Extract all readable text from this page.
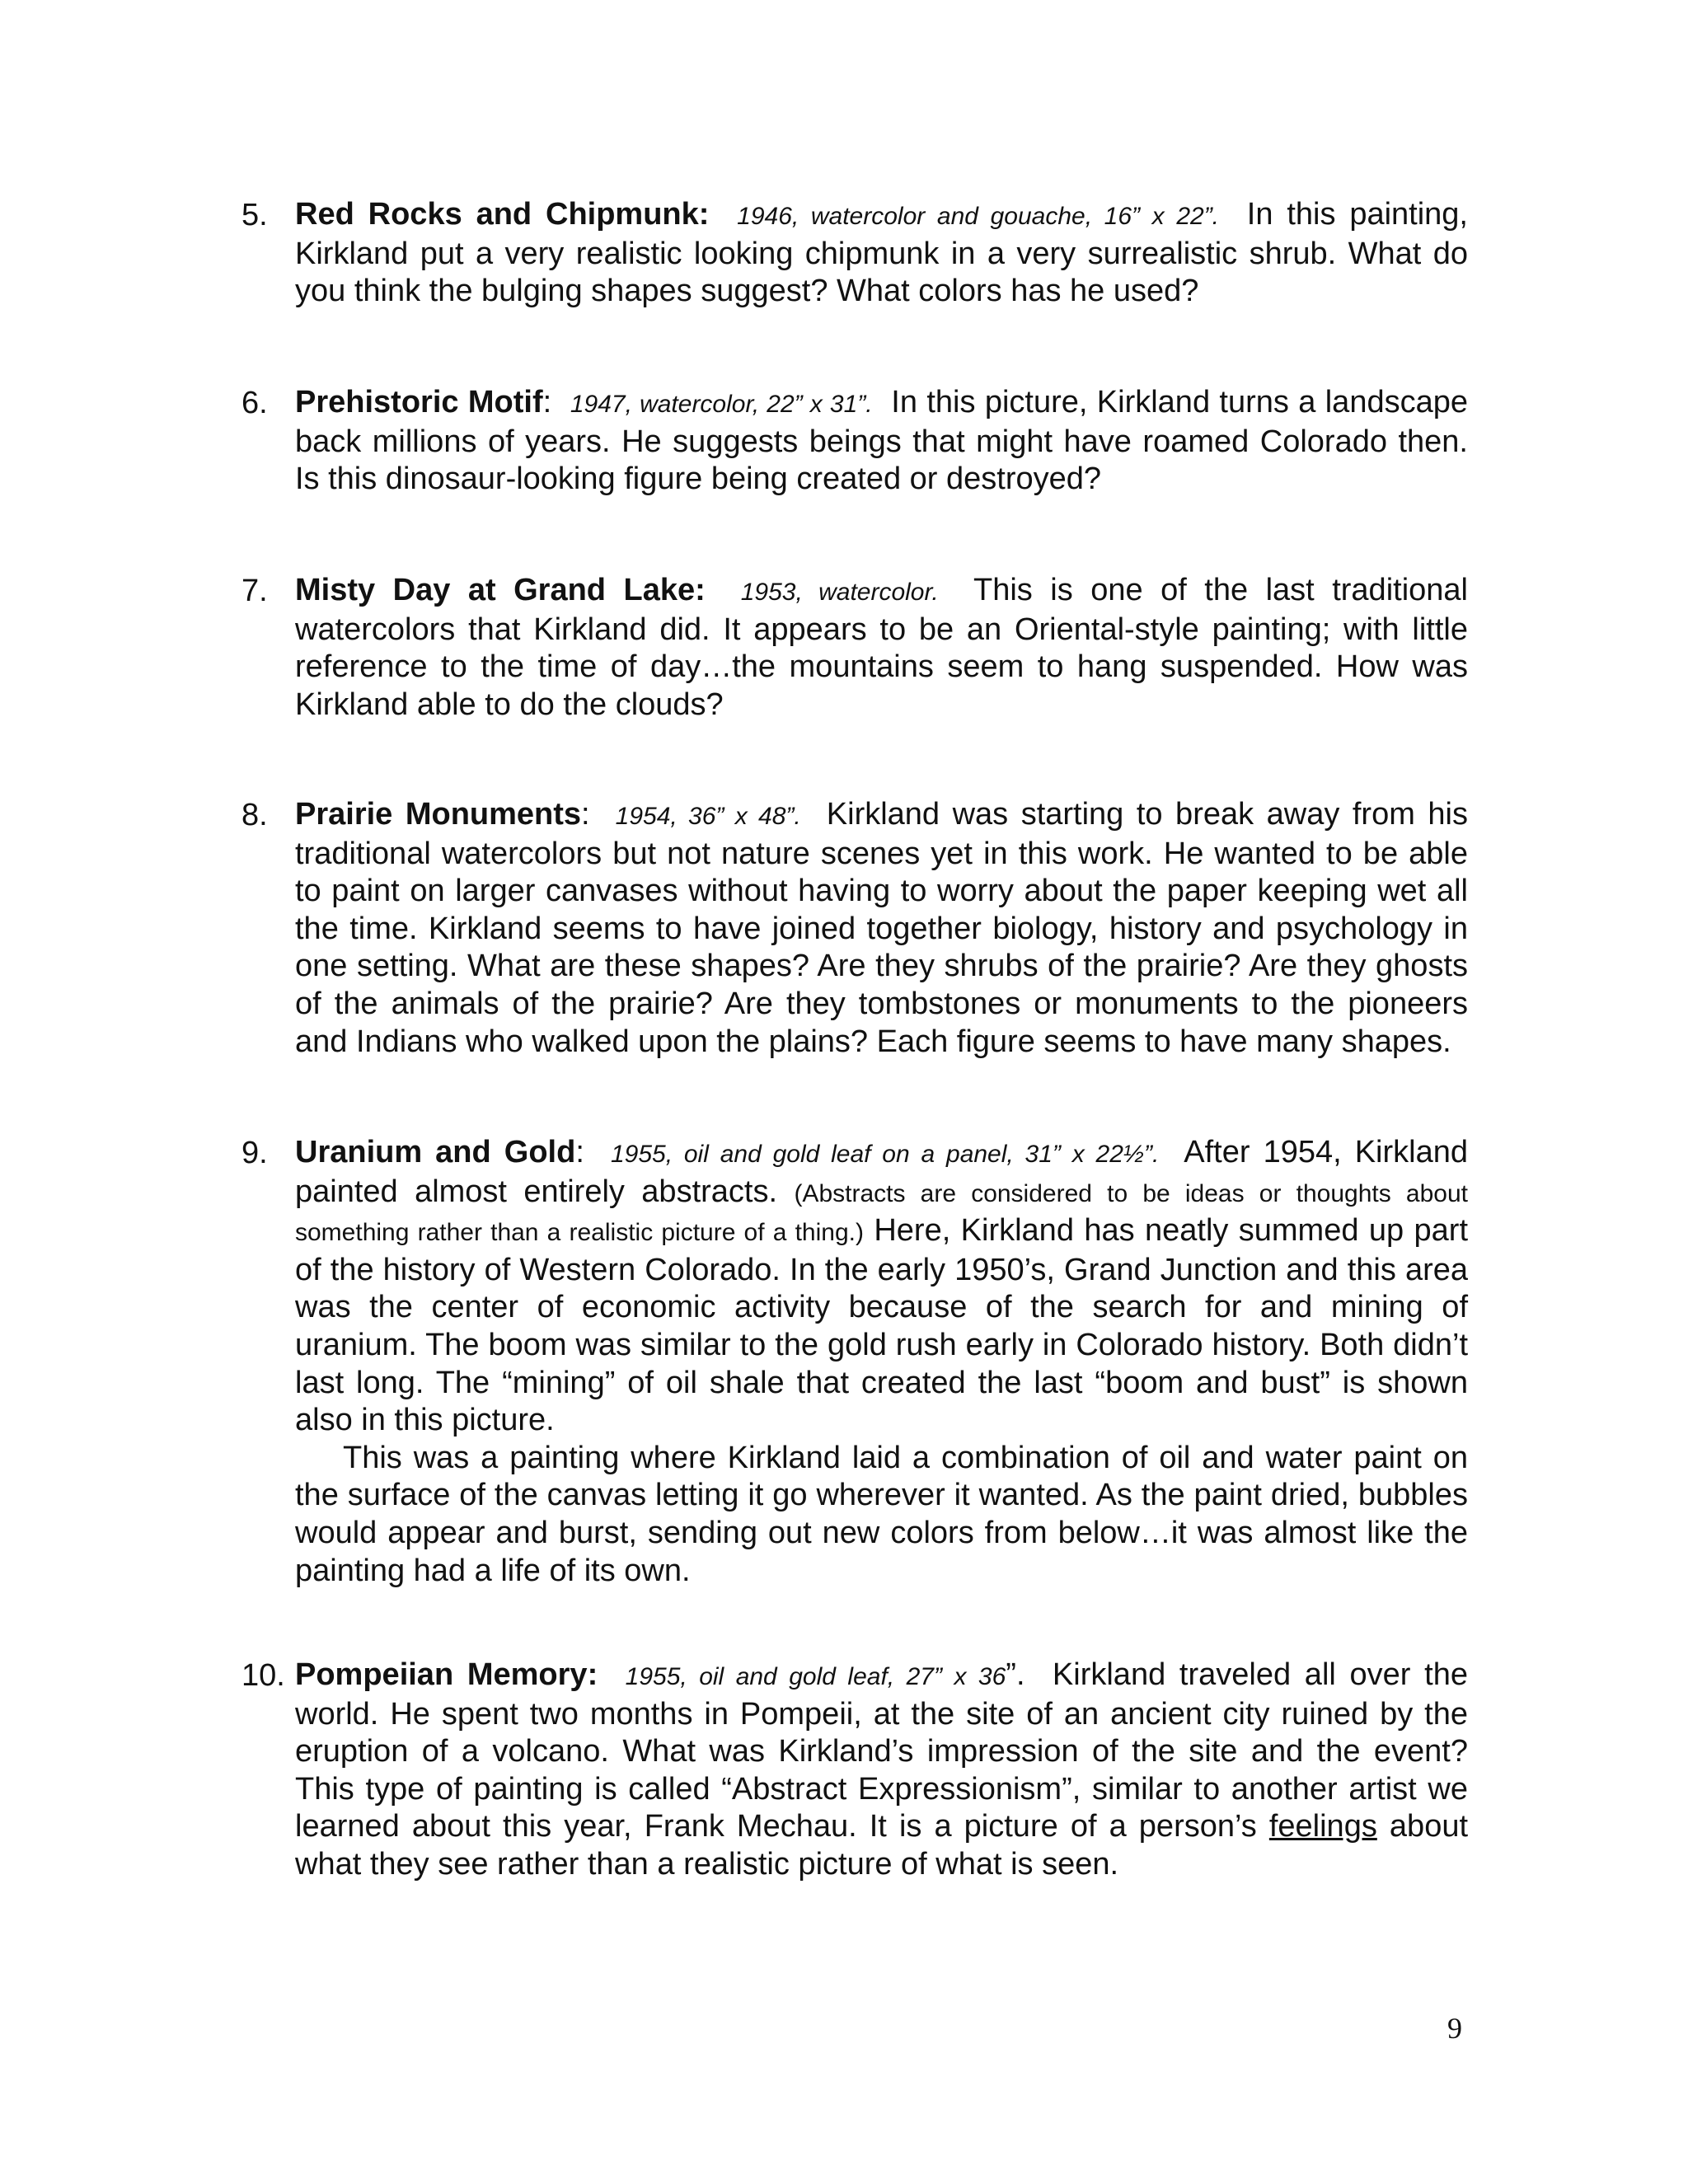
5. Red Rocks and Chipmunk: 1946, watercolor and gouache, 16” x 22”. In this painting, Kirkland put a very realistic looking chipmunk in a very surrealistic shrub. What do you think the bulging shapes suggest? What colors has he used?
6. Prehistoric Motif: 1947, watercolor, 22” x 31”. In this picture, Kirkland turns a landscape back millions of years. He suggests beings that might have roamed Colorado then. Is this dinosaur-looking figure being created or destroyed?
7. Misty Day at Grand Lake: 1953, watercolor. This is one of the last traditional watercolors that Kirkland did. It appears to be an Oriental-style painting; with little reference to the time of day…the mountains seem to hang suspended. How was Kirkland able to do the clouds?
8. Prairie Monuments: 1954, 36” x 48”. Kirkland was starting to break away from his traditional watercolors but not nature scenes yet in this work. He wanted to be able to paint on larger canvases without having to worry about the paper keeping wet all the time. Kirkland seems to have joined together biology, history and psychology in one setting. What are these shapes? Are they shrubs of the prairie? Are they ghosts of the animals of the prairie? Are they tombstones or monuments to the pioneers and Indians who walked upon the plains? Each figure seems to have many shapes.
9. Uranium and Gold: 1955, oil and gold leaf on a panel, 31” x 22½”. After 1954, Kirkland painted almost entirely abstracts. (Abstracts are considered to be ideas or thoughts about something rather than a realistic picture of a thing.) Here, Kirkland has neatly summed up part of the history of Western Colorado. In the early 1950’s, Grand Junction and this area was the center of economic activity because of the search for and mining of uranium. The boom was similar to the gold rush early in Colorado history. Both didn’t last long. The “mining” of oil shale that created the last “boom and bust” is shown also in this picture.
This was a painting where Kirkland laid a combination of oil and water paint on the surface of the canvas letting it go wherever it wanted. As the paint dried, bubbles would appear and burst, sending out new colors from below…it was almost like the painting had a life of its own.
10. Pompeiian Memory: 1955, oil and gold leaf, 27” x 36”. Kirkland traveled all over the world. He spent two months in Pompeii, at the site of an ancient city ruined by the eruption of a volcano. What was Kirkland’s impression of the site and the event? This type of painting is called “Abstract Expressionism”, similar to another artist we learned about this year, Frank Mechau. It is a picture of a person’s feelings about what they see rather than a realistic picture of what is seen.
9
